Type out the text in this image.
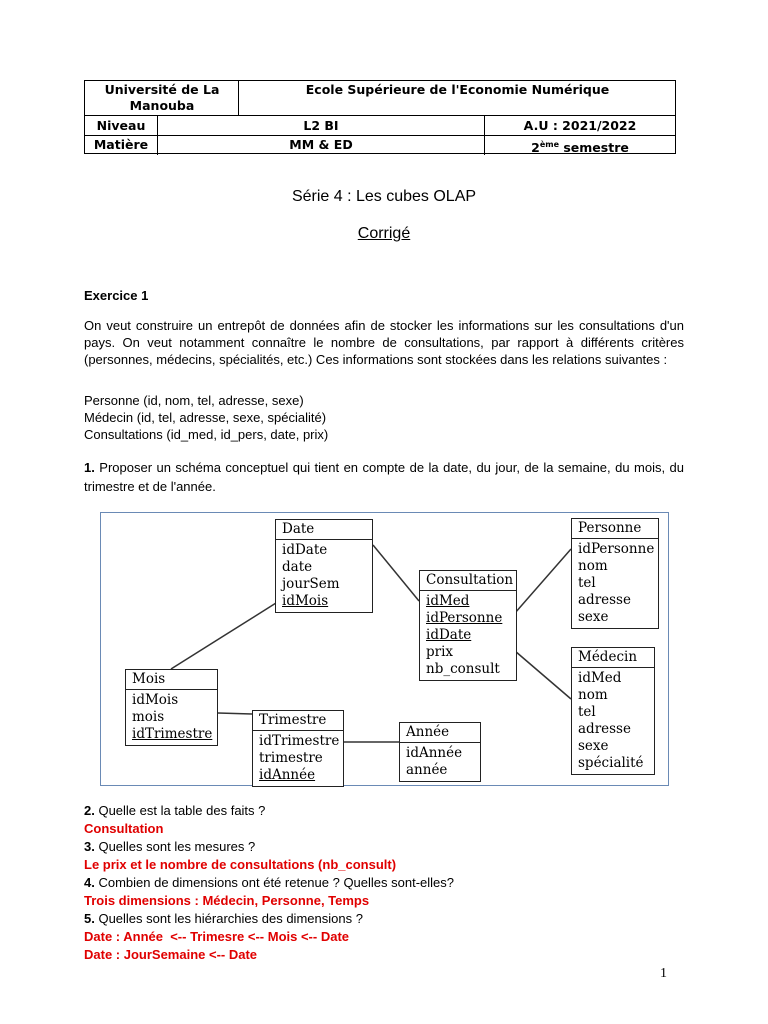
Université de La Manouba
Ecole Supérieure de l'Economie Numérique
Niveau	L2 BI	A.U : 2021/2022
Matière	MM & ED	2ème semestre
Série 4 : Les cubes OLAP
Corrigé
Exercice 1
On veut construire un entrepôt de données afin de stocker les informations sur les consultations d'un pays. On veut notamment connaître le nombre de consultations, par rapport à différents critères (personnes, médecins, spécialités, etc.) Ces informations sont stockées dans les relations suivantes :
Personne (id, nom, tel, adresse, sexe)
Médecin (id, tel, adresse, sexe, spécialité)
Consultations (id_med, id_pers, date, prix)
1. Proposer un schéma conceptuel qui tient en compte de la date, du jour, de la semaine, du mois, du trimestre et de l'année.
Date
idDate
date
jourSem
idMois
Consultation
idMed
idPersonne
idDate
prix
nb_consult
Personne
idPersonne
nom
tel
adresse
sexe
Médecin
idMed
nom
tel
adresse
sexe
spécialité
Mois
idMois
mois
idTrimestre
Trimestre
idTrimestre
trimestre
idAnnée
Année
idAnnée
année
2. Quelle est la table des faits ?
Consultation
3. Quelles sont les mesures ?
Le prix et le nombre de consultations (nb_consult)
4. Combien de dimensions ont été retenue ? Quelles sont-elles?
Trois dimensions : Médecin, Personne, Temps
5. Quelles sont les hiérarchies des dimensions ?
Date : Année  <-- Trimesre <-- Mois <-- Date
Date : JourSemaine <-- Date
1
